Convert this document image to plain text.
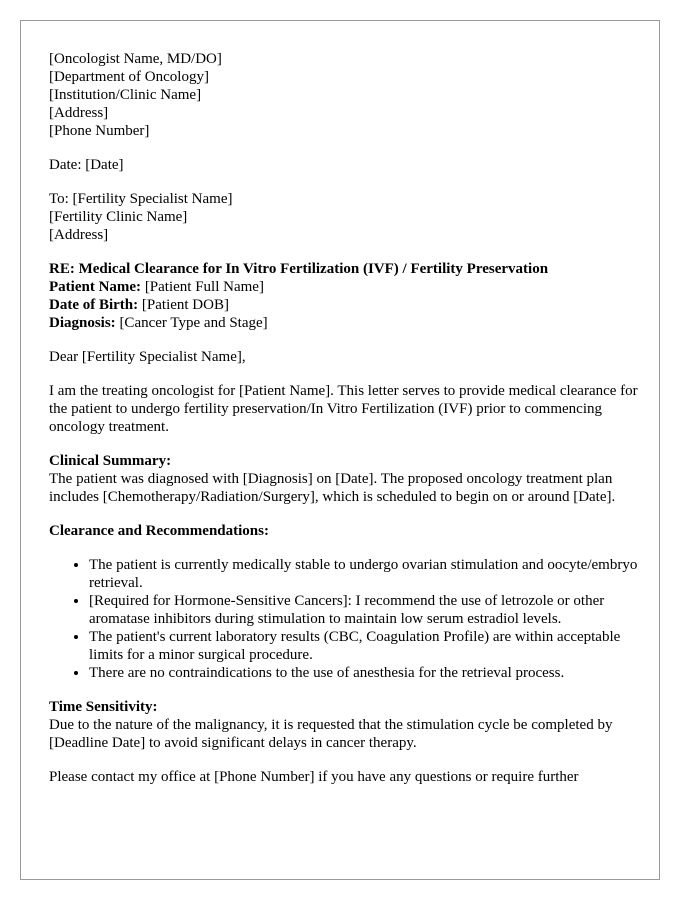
[Oncologist Name, MD/DO]
[Department of Oncology]
[Institution/Clinic Name]
[Address]
[Phone Number]
Date: [Date]
To: [Fertility Specialist Name]
[Fertility Clinic Name]
[Address]
RE: Medical Clearance for In Vitro Fertilization (IVF) / Fertility Preservation
Patient Name: [Patient Full Name]
Date of Birth: [Patient DOB]
Diagnosis: [Cancer Type and Stage]

Dear [Fertility Specialist Name],

I am the treating oncologist for [Patient Name]. This letter serves to provide medical clearance for the patient to undergo fertility preservation/In Vitro Fertilization (IVF) prior to commencing oncology treatment.

Clinical Summary:
The patient was diagnosed with [Diagnosis] on [Date]. The proposed oncology treatment plan includes [Chemotherapy/Radiation/Surgery], which is scheduled to begin on or around [Date].
Clearance and Recommendations:
• The patient is currently medically stable to undergo ovarian stimulation and oocyte/embryo retrieval.
• [Required for Hormone-Sensitive Cancers]: I recommend the use of letrozole or other aromatase inhibitors during stimulation to maintain low serum estradiol levels.
• The patient's current laboratory results (CBC, Coagulation Profile) are within acceptable limits for a minor surgical procedure.
• There are no contraindications to the use of anesthesia for the retrieval process.
Time Sensitivity:
Due to the nature of the malignancy, it is requested that the stimulation cycle be completed by [Deadline Date] to avoid significant delays in cancer therapy.

Please contact my office at [Phone Number] if you have any questions or require further
